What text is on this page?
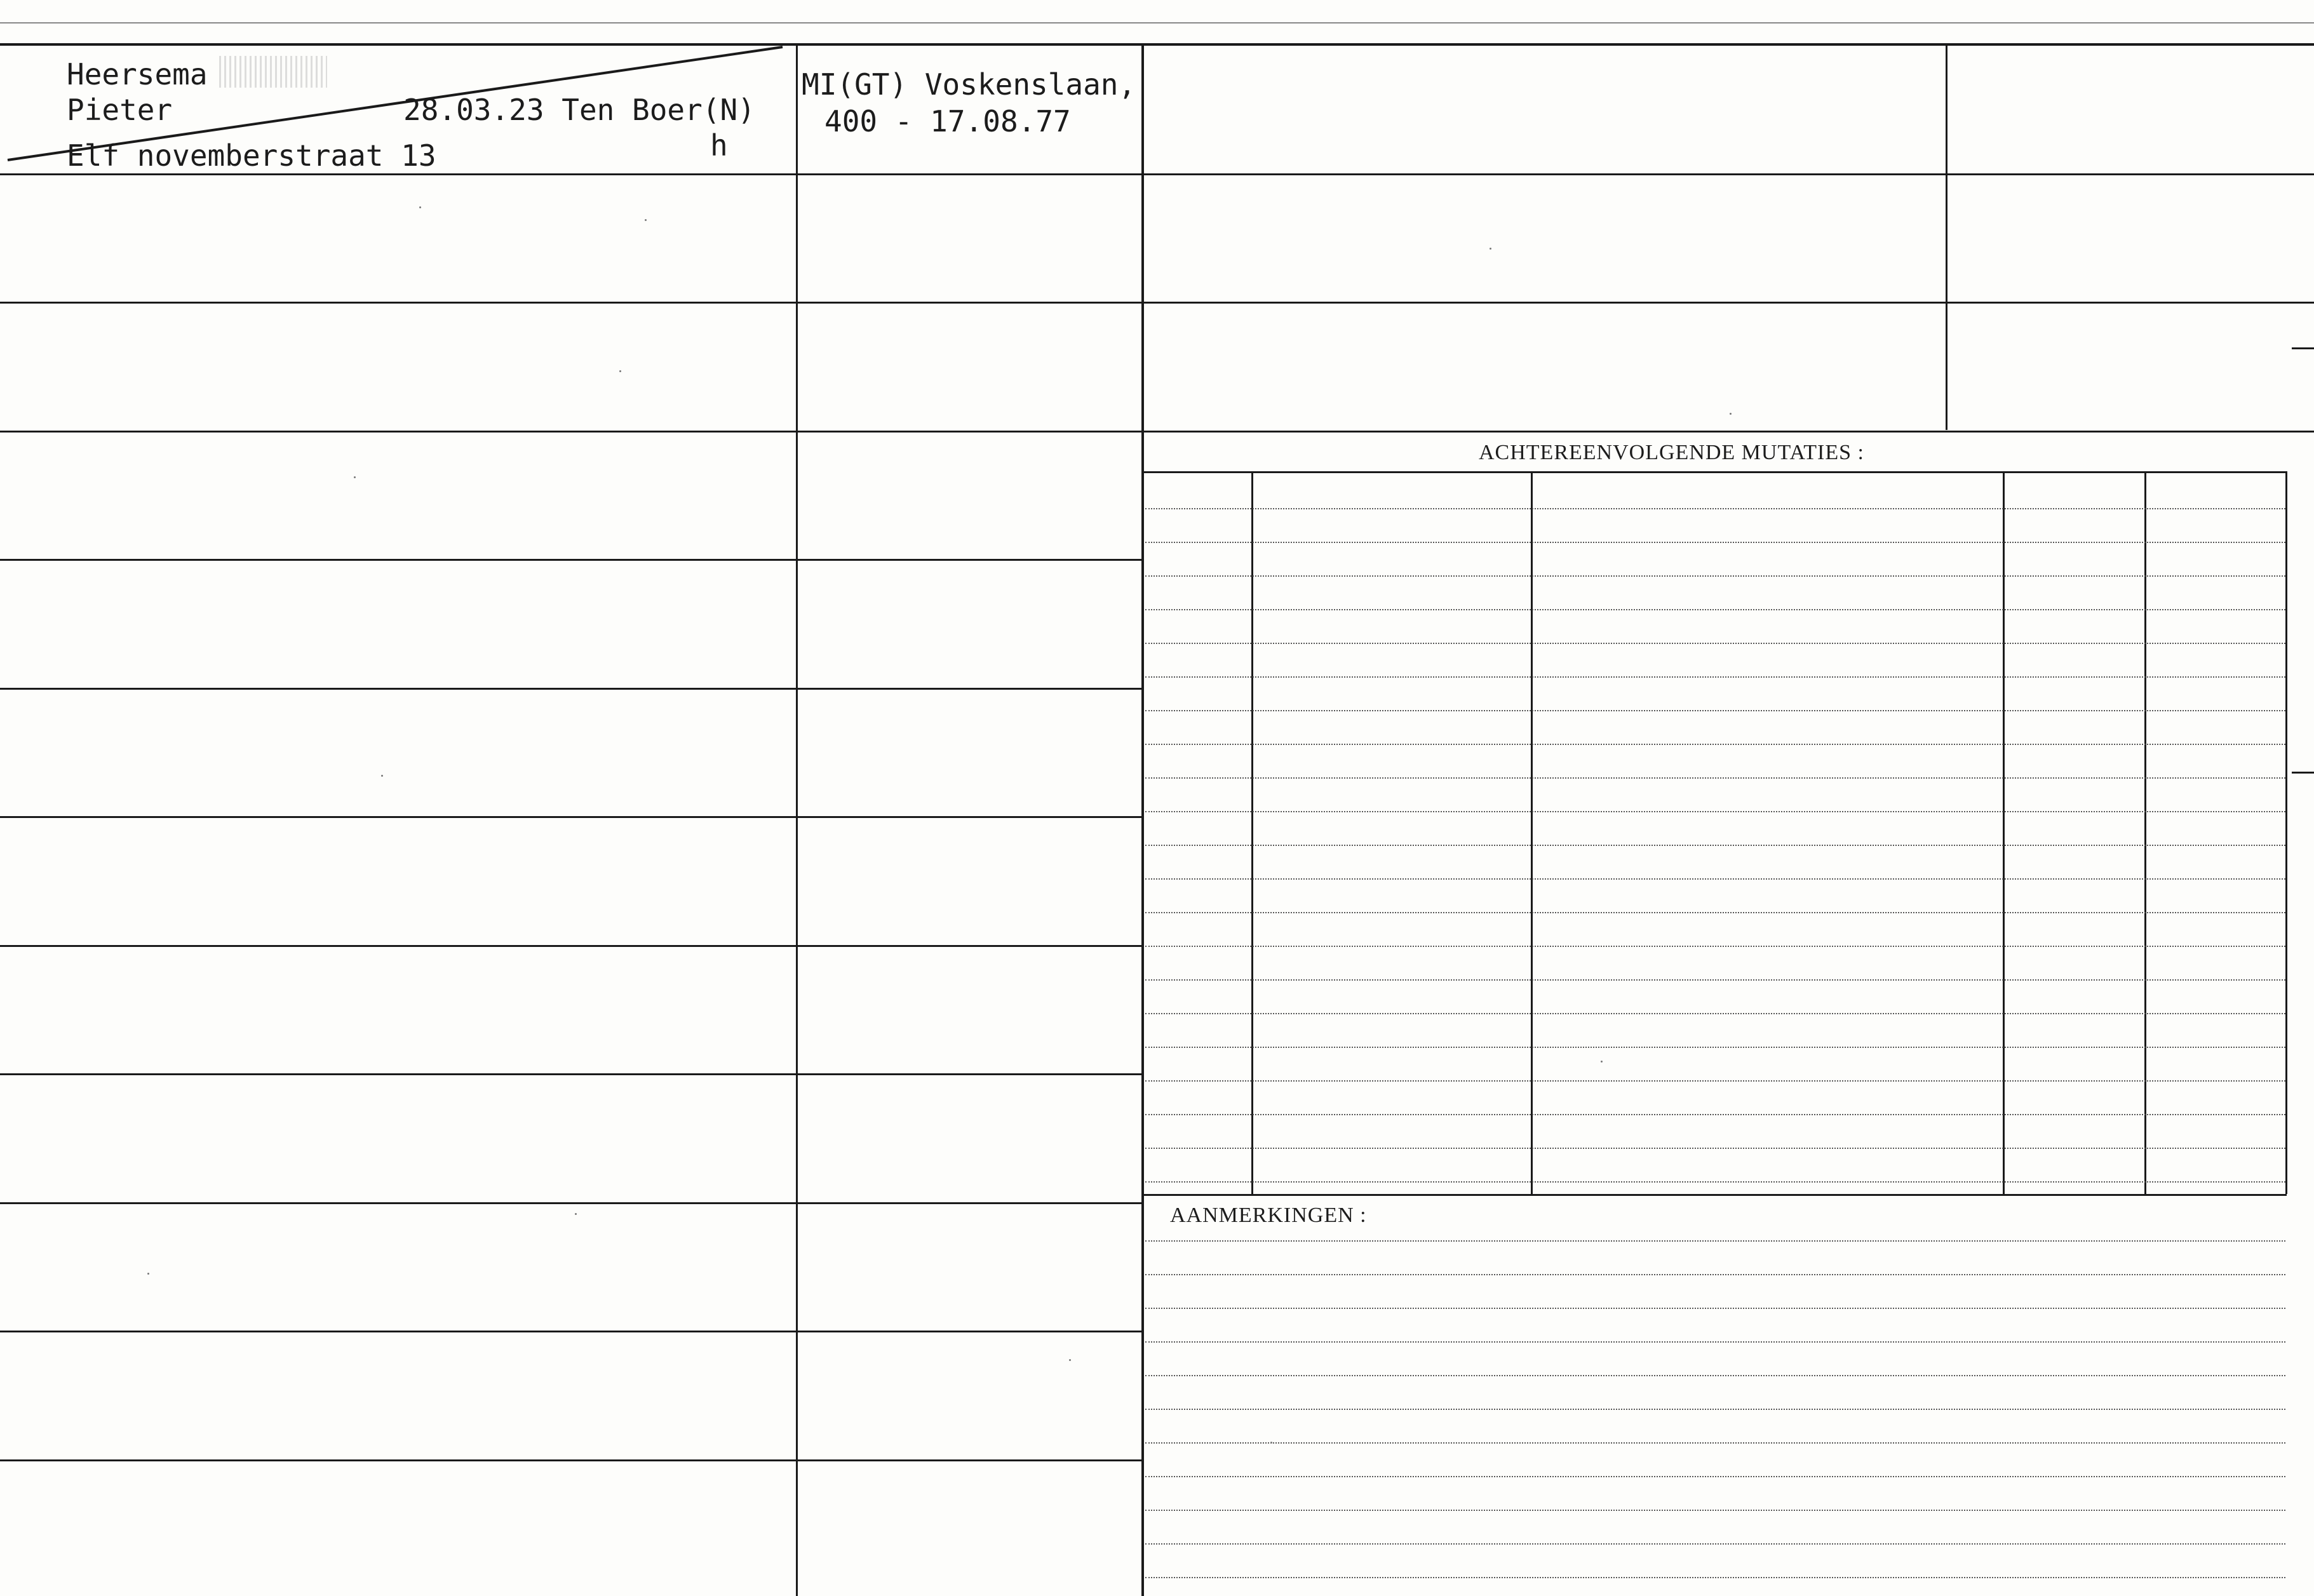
ACHTEREENVOLGENDE MUTATIES :
AANMERKINGEN :
Heersema
Pieter	28.03.23 Ten Boer(N)
Elf novemberstraat 13	h
MI(GT) Voskenslaan,
400 - 17.08.77
